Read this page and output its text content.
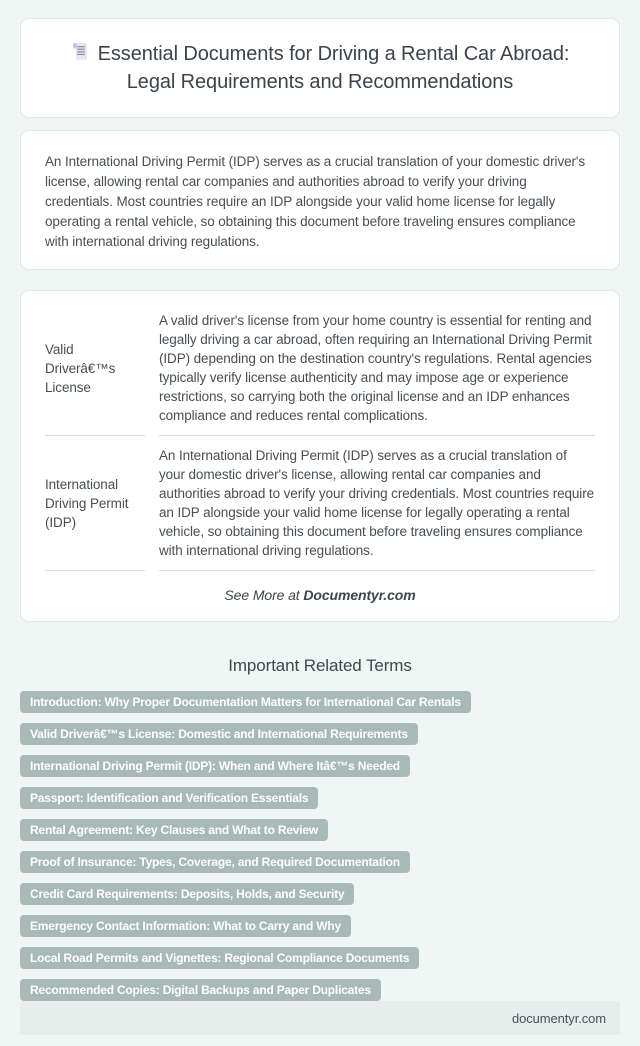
Essential Documents for Driving a Rental Car Abroad: Legal Requirements and Recommendations

An International Driving Permit (IDP) serves as a crucial translation of your domestic driver's license, allowing rental car companies and authorities abroad to verify your driving credentials. Most countries require an IDP alongside your valid home license for legally operating a rental vehicle, so obtaining this document before traveling ensures compliance with international driving regulations.

Valid Driverâ€™s License	A valid driver's license from your home country is essential for renting and legally driving a car abroad, often requiring an International Driving Permit (IDP) depending on the destination country's regulations. Rental agencies typically verify license authenticity and may impose age or experience restrictions, so carrying both the original license and an IDP enhances compliance and reduces rental complications.
International Driving Permit (IDP)	An International Driving Permit (IDP) serves as a crucial translation of your domestic driver's license, allowing rental car companies and authorities abroad to verify your driving credentials. Most countries require an IDP alongside your valid home license for legally operating a rental vehicle, so obtaining this document before traveling ensures compliance with international driving regulations.
See More at Documentyr.com
Important Related Terms
Introduction: Why Proper Documentation Matters for International Car Rentals
Valid Driverâ€™s License: Domestic and International Requirements
International Driving Permit (IDP): When and Where Itâ€™s Needed
Passport: Identification and Verification Essentials
Rental Agreement: Key Clauses and What to Review
Proof of Insurance: Types, Coverage, and Required Documentation
Credit Card Requirements: Deposits, Holds, and Security
Emergency Contact Information: What to Carry and Why
Local Road Permits and Vignettes: Regional Compliance Documents
Recommended Copies: Digital Backups and Paper Duplicates
documentyr.com
